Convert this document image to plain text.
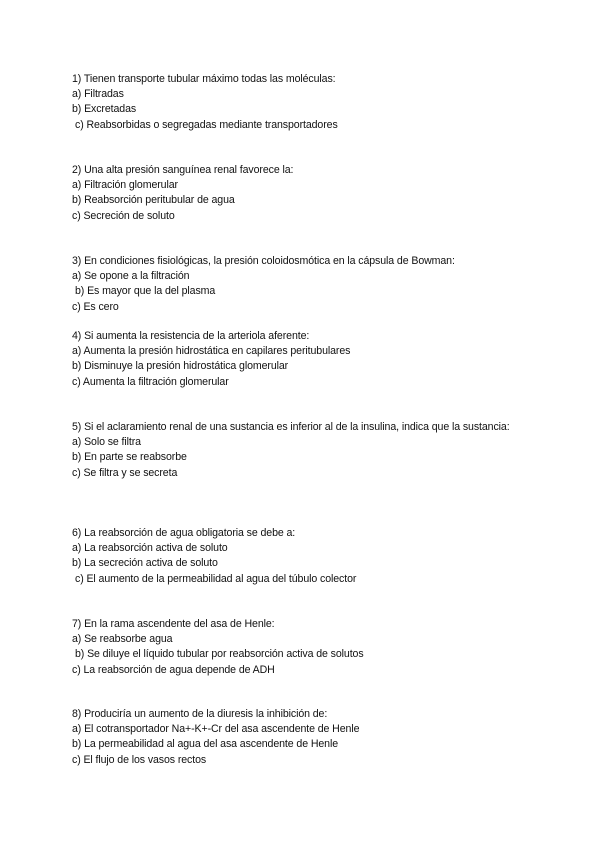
1) Tienen transporte tubular máximo todas las moléculas:
a) Filtradas
b) Excretadas
c) Reabsorbidas o segregadas mediante transportadores
2) Una alta presión sanguínea renal favorece la:
a) Filtración glomerular
b) Reabsorción peritubular de agua
c) Secreción de soluto
3) En condiciones fisiológicas, la presión coloidosmótica en la cápsula de Bowman:
a) Se opone a la filtración
b) Es mayor que la del plasma
c) Es cero
4) Si aumenta la resistencia de la arteriola aferente:
a) Aumenta la presión hidrostática en capilares peritubulares
b) Disminuye la presión hidrostática glomerular
c) Aumenta la filtración glomerular
5) Si el aclaramiento renal de una sustancia es inferior al de la insulina, indica que la sustancia:
a) Solo se filtra
b) En parte se reabsorbe
c) Se filtra y se secreta
6) La reabsorción de agua obligatoria se debe a:
a) La reabsorción activa de soluto
b) La secreción activa de soluto
c) El aumento de la permeabilidad al agua del túbulo colector
7) En la rama ascendente del asa de Henle:
a) Se reabsorbe agua
b) Se diluye el líquido tubular por reabsorción activa de solutos
c) La reabsorción de agua depende de ADH
8) Produciría un aumento de la diuresis la inhibición de:
a) El cotransportador Na+-K+-Cr del asa ascendente de Henle
b) La permeabilidad al agua del asa ascendente de Henle
c) El flujo de los vasos rectos
